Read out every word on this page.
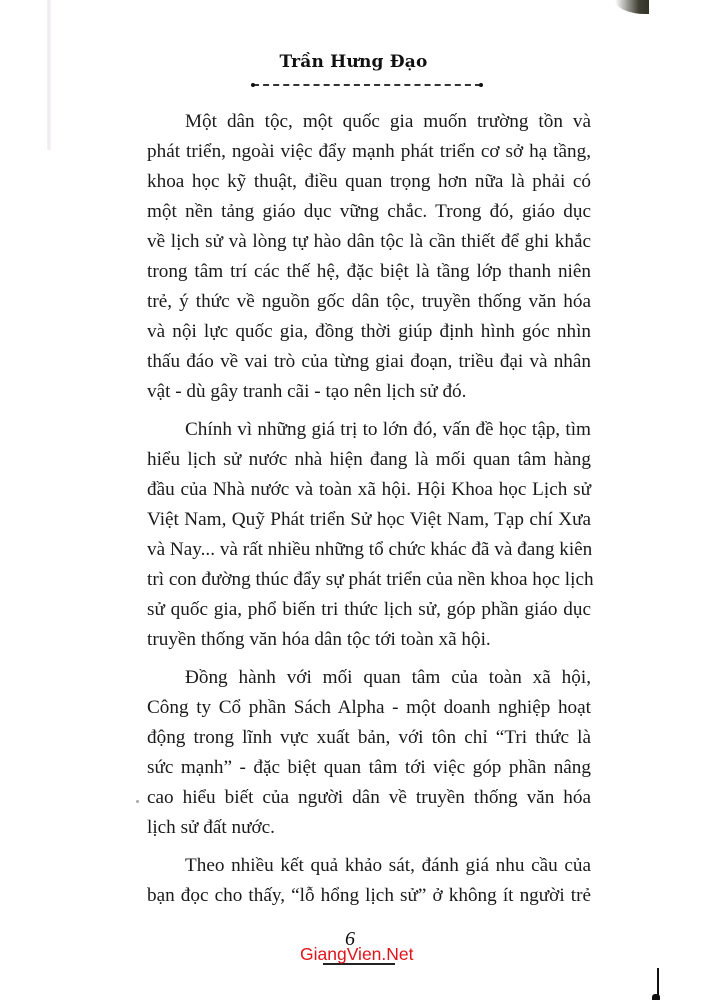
Trần Hưng Đạo

Một dân tộc, một quốc gia muốn trường tồn và
phát triển, ngoài việc đẩy mạnh phát triển cơ sở hạ tầng,
khoa học kỹ thuật, điều quan trọng hơn nữa là phải có
một nền tảng giáo dục vững chắc. Trong đó, giáo dục
về lịch sử và lòng tự hào dân tộc là cần thiết để ghi khắc
trong tâm trí các thế hệ, đặc biệt là tầng lớp thanh niên
trẻ, ý thức về nguồn gốc dân tộc, truyền thống văn hóa
và nội lực quốc gia, đồng thời giúp định hình góc nhìn
thấu đáo về vai trò của từng giai đoạn, triều đại và nhân
vật - dù gây tranh cãi - tạo nên lịch sử đó.

Chính vì những giá trị to lớn đó, vấn đề học tập, tìm
hiểu lịch sử nước nhà hiện đang là mối quan tâm hàng
đầu của Nhà nước và toàn xã hội. Hội Khoa học Lịch sử
Việt Nam, Quỹ Phát triển Sử học Việt Nam, Tạp chí Xưa
và Nay... và rất nhiều những tổ chức khác đã và đang kiên
trì con đường thúc đẩy sự phát triển của nền khoa học lịch
sử quốc gia, phổ biến tri thức lịch sử, góp phần giáo dục
truyền thống văn hóa dân tộc tới toàn xã hội.

Đồng hành với mối quan tâm của toàn xã hội,
Công ty Cổ phần Sách Alpha - một doanh nghiệp hoạt
động trong lĩnh vực xuất bản, với tôn chỉ “Tri thức là
sức mạnh” - đặc biệt quan tâm tới việc góp phần nâng
cao hiểu biết của người dân về truyền thống văn hóa
lịch sử đất nước.

Theo nhiều kết quả khảo sát, đánh giá nhu cầu của
bạn đọc cho thấy, “lỗ hổng lịch sử” ở không ít người trẻ

6
GiangVien.Net
